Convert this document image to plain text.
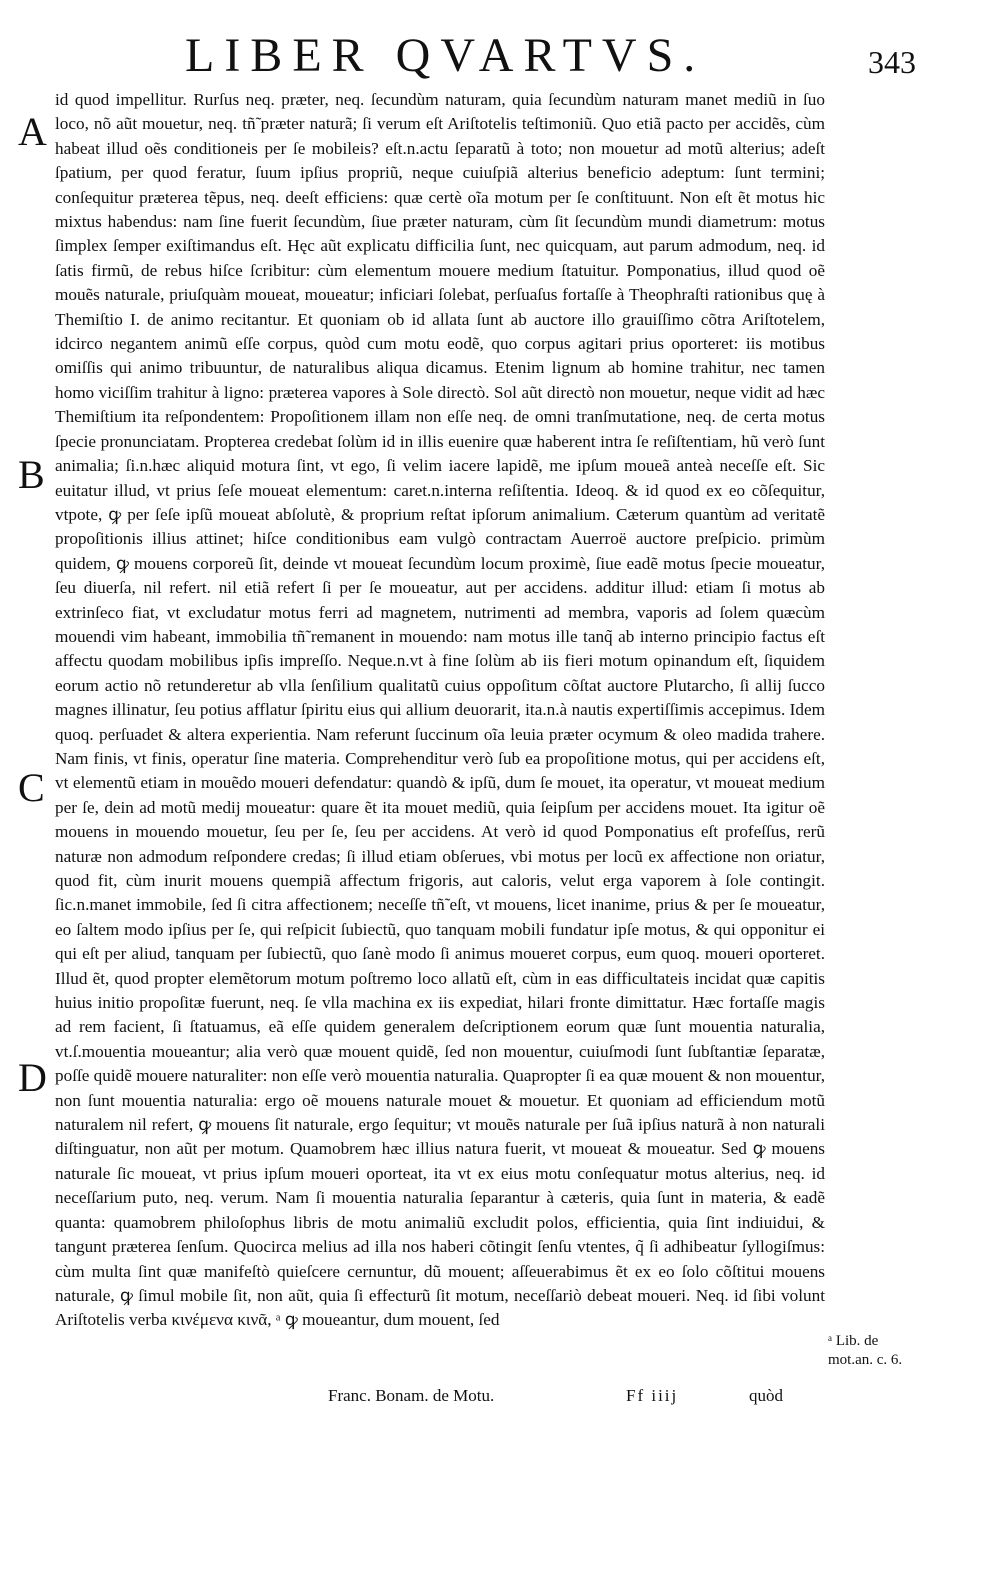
LIBER QVARTVS.	343
A
B
C
D

id quod impellitur. Rurſus neq. præter, neq. ſecundùm naturam, quia ſecundùm naturam manet mediũ in ſuo loco, nõ aũt mouetur, neq. tñ̃ præter naturã; ſi verum eſt Ariſtotelis teſtimoniũ. Quo etiã pacto per accidẽs, cùm habeat illud oẽs conditioneis per ſe mobileis? eſt.n.actu ſeparatũ à toto; non mouetur ad motũ alterius; adeſt ſpatium, per quod feratur, ſuum ipſius propriũ, neque cuiuſpiã alterius beneficio adeptum: ſunt termini; conſequitur præterea tẽpus, neq. deeſt efficiens: quæ certè oĩa motum per ſe conſtituunt. Non eſt ẽt motus hic mixtus habendus: nam ſine fuerit ſecundùm, ſiue præter naturam, cùm ſit ſecundùm mundi diametrum: motus ſimplex ſemper exiſtimandus eſt. Hęc aũt explicatu difficilia ſunt, nec quicquam, aut parum admodum, neq. id ſatis firmũ, de rebus hiſce ſcribitur: cùm elementum mouere medium ſtatuitur. Pomponatius, illud quod oẽ mouẽs naturale, priuſquàm moueat, moueatur; inficiari ſolebat, perſuaſus fortaſſe à Theophraſti rationibus quę à Themiſtio I. de animo recitantur. Et quoniam ob id allata ſunt ab auctore illo grauiſſimo cõtra Ariſtotelem, idcirco negantem animũ eſſe corpus, quòd cum motu eodẽ, quo corpus agitari prius oporteret: iis motibus omiſſis qui animo tribuuntur, de naturalibus aliqua dicamus. Etenim lignum ab homine trahitur, nec tamen homo viciſſim trahitur à ligno: præterea vapores à Sole directò. Sol aũt directò non mouetur, neque vidit ad hæc Themiſtium ita reſpondentem: Propoſitionem illam non eſſe neq. de omni tranſmutatione, neq. de certa motus ſpecie pronunciatam. Propterea credebat ſolùm id in illis euenire quæ haberent intra ſe reſiſtentiam, hũ verò ſunt animalia; ſi.n.hæc aliquid motura ſint, vt ego, ſi velim iacere lapidẽ, me ipſum moueã anteà neceſſe eſt. Sic euitatur illud, vt prius ſeſe moueat elementum: caret.n.interna reſiſtentia. Ideoq. & id quod ex eo cõſequitur, vtpote, ꝙ per ſeſe ipſũ moueat abſolutè, & proprium reſtat ipſorum animalium. Cæterum quantùm ad veritatẽ propoſitionis illius attinet; hiſce conditionibus eam vulgò contractam Auerroë auctore preſpicio. primùm quidem, ꝙ mouens corporeũ ſit, deinde vt moueat ſecundùm locum proximè, ſiue eadẽ motus ſpecie moueatur, ſeu diuerſa, nil refert. nil etiã refert ſi per ſe moueatur, aut per accidens. additur illud: etiam ſi motus ab extrinſeco fiat, vt excludatur motus ferri ad magnetem, nutrimenti ad membra, vaporis ad ſolem quæcùm mouendi vim habeant, immobilia tñ̃ remanent in mouendo: nam motus ille tanq̃ ab interno principio factus eſt affectu quodam mobilibus ipſis impreſſo. Neque.n.vt à fine ſolùm ab iis fieri motum opinandum eſt, ſiquidem eorum actio nõ retunderetur ab vlla ſenſilium qualitatũ cuius oppoſitum cõſtat auctore Plutarcho, ſi allij ſucco magnes illinatur, ſeu potius afflatur ſpiritu eius qui allium deuorarit, ita.n.à nautis expertiſſimis accepimus. Idem quoq. perſuadet & altera experientia. Nam referunt ſuccinum oĩa leuia præter ocymum & oleo madida trahere. Nam finis, vt finis, operatur ſine materia. Comprehenditur verò ſub ea propoſitione motus, qui per accidens eſt, vt elementũ etiam in mouẽdo moueri defendatur: quandò & ipſũ, dum ſe mouet, ita operatur, vt moueat medium per ſe, dein ad motũ medij moueatur: quare ẽt ita mouet mediũ, quia ſeipſum per accidens mouet. Ita igitur oẽ mouens in mouendo mouetur, ſeu per ſe, ſeu per accidens. At verò id quod Pomponatius eſt profeſſus, rerũ naturæ non admodum reſpondere credas; ſi illud etiam obſerues, vbi motus per locũ ex affectione non oriatur, quod fit, cùm inurit mouens quempiã affectum frigoris, aut caloris, velut erga vaporem à ſole contingit. ſic.n.manet immobile, ſed ſi citra affectionem; neceſſe tñ̃ eſt, vt mouens, licet inanime, prius & per ſe moueatur, eo ſaltem modo ipſius per ſe, qui reſpicit ſubiectũ, quo tanquam mobili fundatur ipſe motus, & qui opponitur ei qui eſt per aliud, tanquam per ſubiectũ, quo ſanè modo ſi animus moueret corpus, eum quoq. moueri oporteret. Illud ẽt, quod propter elemẽtorum motum poſtremo loco allatũ eſt, cùm in eas difficultateis incidat quæ capitis huius initio propoſitæ fuerunt, neq. ſe vlla machina ex iis expediat, hilari fronte dimittatur. Hæc fortaſſe magis ad rem facient, ſi ſtatuamus, eã eſſe quidem generalem deſcriptionem eorum quæ ſunt mouentia naturalia, vt.ſ.mouentia moueantur; alia verò quæ mouent quidẽ, ſed non mouentur, cuiuſmodi ſunt ſubſtantiæ ſeparatæ, poſſe quidẽ mouere naturaliter: non eſſe verò mouentia naturalia. Quapropter ſi ea quæ mouent & non mouentur, non ſunt mouentia naturalia: ergo oẽ mouens naturale mouet & mouetur. Et quoniam ad efficiendum motũ naturalem nil refert, ꝙ mouens ſit naturale, ergo ſequitur; vt mouẽs naturale per ſuã ipſius naturã à non naturali diſtinguatur, non aũt per motum. Quamobrem hæc illius natura fuerit, vt moueat & moueatur. Sed ꝙ mouens naturale ſic moueat, vt prius ipſum moueri oporteat, ita vt ex eius motu conſequatur motus alterius, neq. id neceſſarium puto, neq. verum. Nam ſi mouentia naturalia ſeparantur à cæteris, quia ſunt in materia, & eadẽ quanta: quamobrem philoſophus libris de motu animaliũ excludit polos, efficientia, quia ſint indiuidui, & tangunt præterea ſenſum. Quocirca melius ad illa nos haberi cõtingit ſenſu vtentes, q̃ ſi adhibeatur ſyllogiſmus: cùm multa ſint quæ manifeſtò quieſcere cernuntur, dũ mouent; aſſeuerabimus ẽt ex eo ſolo cõſtitui mouens naturale, ꝙ ſimul mobile ſit, non aũt, quia ſi effecturũ ſit motum, neceſſariò debeat moueri. Neq. id ſibi volunt Ariſtotelis verba κινέμενα κινᾶ, ᵃ ꝙ moueantur, dum mouent, ſed

ᵃ Lib. de mot.an. c. 6.
Franc. Bonam. de Motu.	Ff iiij	quòd
